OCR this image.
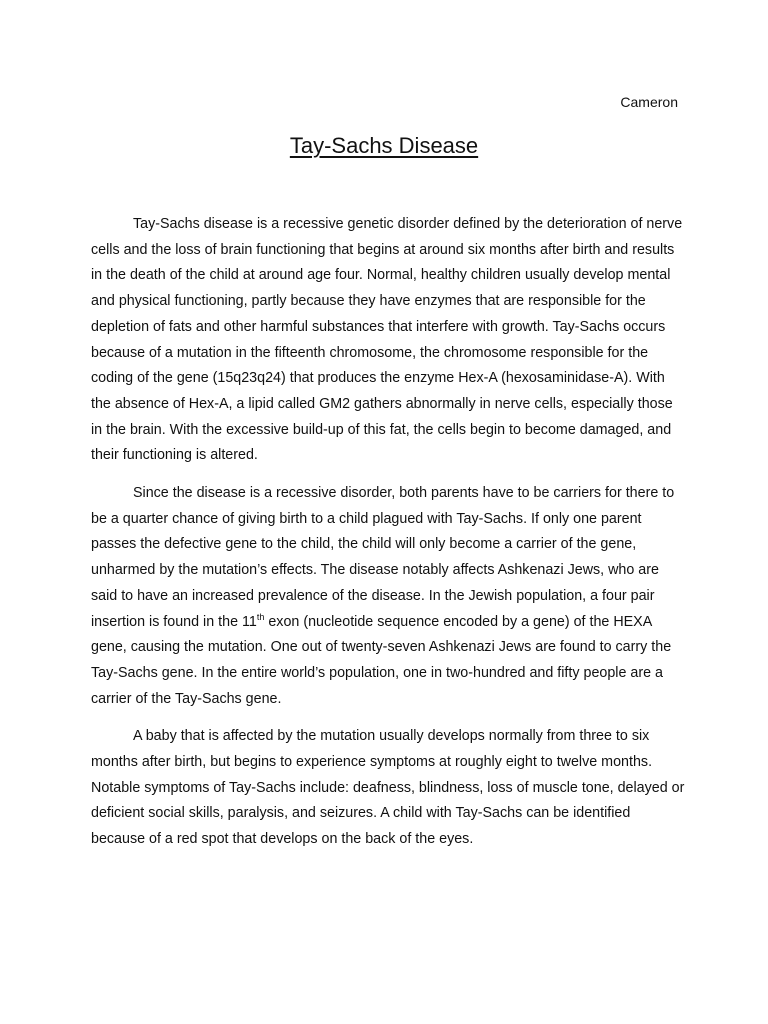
Cameron
Tay-Sachs Disease

Tay-Sachs disease is a recessive genetic disorder defined by the deterioration of nerve cells and the loss of brain functioning that begins at around six months after birth and results in the death of the child at around age four. Normal, healthy children usually develop mental and physical functioning, partly because they have enzymes that are responsible for the depletion of fats and other harmful substances that interfere with growth. Tay-Sachs occurs because of a mutation in the fifteenth chromosome, the chromosome responsible for the coding of the gene (15q23q24) that produces the enzyme Hex-A (hexosaminidase-A). With the absence of Hex-A, a lipid called GM2 gathers abnormally in nerve cells, especially those in the brain. With the excessive build-up of this fat, the cells begin to become damaged, and their functioning is altered.

Since the disease is a recessive disorder, both parents have to be carriers for there to be a quarter chance of giving birth to a child plagued with Tay-Sachs. If only one parent passes the defective gene to the child, the child will only become a carrier of the gene, unharmed by the mutation’s effects. The disease notably affects Ashkenazi Jews, who are said to have an increased prevalence of the disease. In the Jewish population, a four pair insertion is found in the 11th exon (nucleotide sequence encoded by a gene) of the HEXA gene, causing the mutation. One out of twenty-seven Ashkenazi Jews are found to carry the Tay-Sachs gene. In the entire world’s population, one in two-hundred and fifty people are a carrier of the Tay-Sachs gene.

A baby that is affected by the mutation usually develops normally from three to six months after birth, but begins to experience symptoms at roughly eight to twelve months. Notable symptoms of Tay-Sachs include: deafness, blindness, loss of muscle tone, delayed or deficient social skills, paralysis, and seizures. A child with Tay-Sachs can be identified because of a red spot that develops on the back of the eyes.
